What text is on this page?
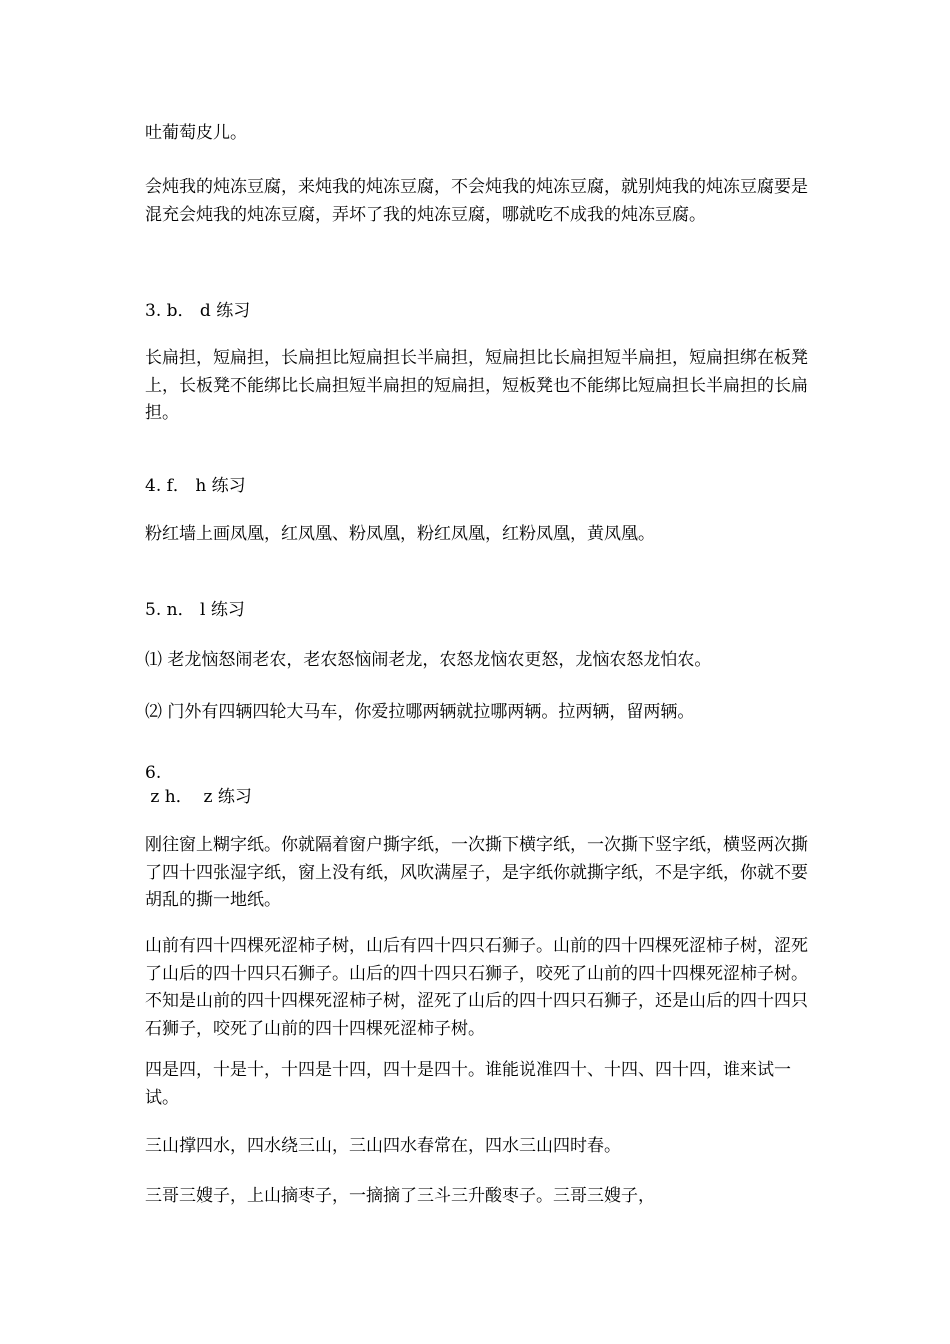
吐葡萄皮儿。

会炖我的炖冻豆腐，来炖我的炖冻豆腐，不会炖我的炖冻豆腐，就别炖我的炖冻豆腐要是混充会炖我的炖冻豆腐，弄坏了我的炖冻豆腐，哪就吃不成我的炖冻豆腐。

3. b． d 练习

长扁担，短扁担，长扁担比短扁担长半扁担，短扁担比长扁担短半扁担，短扁担绑在板凳上，长板凳不能绑比长扁担短半扁担的短扁担，短板凳也不能绑比短扁担长半扁担的长扁担。

4. f． h 练习

粉红墙上画凤凰，红凤凰、粉凤凰，粉红凤凰，红粉凤凰，黄凤凰。

5. n． l 练习

⑴ 老龙恼怒闹老农，老农怒恼闹老龙，农怒龙恼农更怒，龙恼农怒龙怕农。

⑵ 门外有四辆四轮大马车，你爱拉哪两辆就拉哪两辆。拉两辆，留两辆。

6.

z h．  z 练习

刚往窗上糊字纸。你就隔着窗户撕字纸，一次撕下横字纸，一次撕下竖字纸，横竖两次撕了四十四张湿字纸，窗上没有纸，风吹满屋子，是字纸你就撕字纸，不是字纸，你就不要胡乱的撕一地纸。

山前有四十四棵死涩柿子树，山后有四十四只石狮子。山前的四十四棵死涩柿子树，涩死了山后的四十四只石狮子。山后的四十四只石狮子，咬死了山前的四十四棵死涩柿子树。不知是山前的四十四棵死涩柿子树，涩死了山后的四十四只石狮子，还是山后的四十四只石狮子，咬死了山前的四十四棵死涩柿子树。

四是四，十是十，十四是十四，四十是四十。谁能说准四十、十四、四十四，谁来试一试。

三山撑四水，四水绕三山，三山四水春常在，四水三山四时春。

三哥三嫂子，上山摘枣子，一摘摘了三斗三升酸枣子。三哥三嫂子，
